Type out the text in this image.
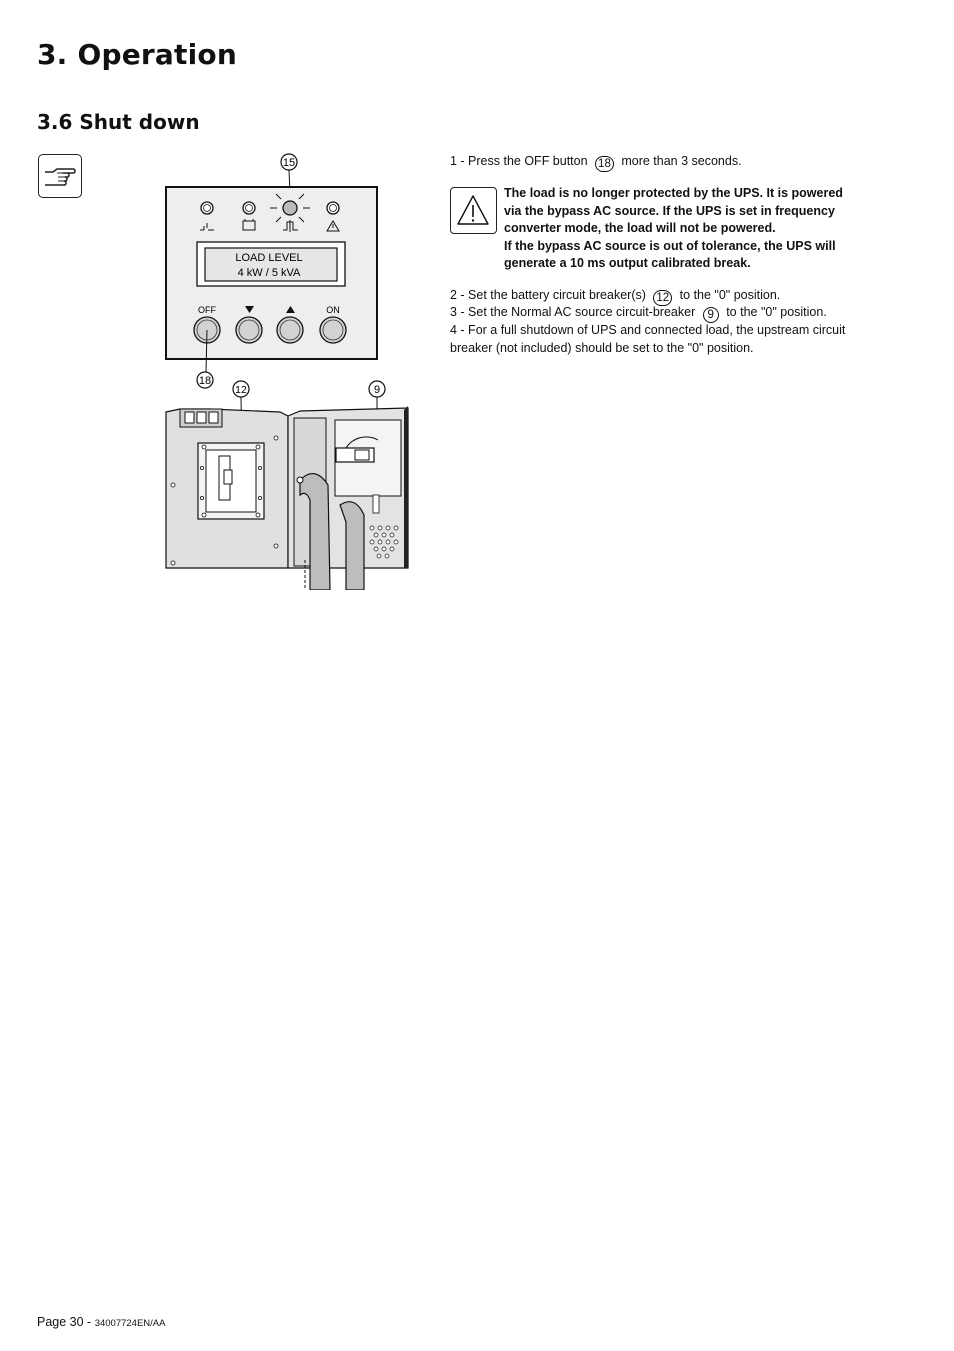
3. Operation
3.6 Shut down
15
LOAD LEVEL
4 kW / 5 kVA
OFF	ON
18
12	9
1 - Press the OFF button 18 more than 3 seconds.
The load is no longer protected by the UPS. It is powered
via the bypass AC source. If the UPS is set in frequency
converter mode, the load will not be powered.
If the bypass AC source is out of tolerance, the UPS will
generate a 10 ms output calibrated break.
2 - Set the battery circuit breaker(s) 12 to the "0" position.
3 - Set the Normal AC source circuit-breaker 9 to the "0" position.
4 - For a full shutdown of UPS and connected load, the upstream circuit
breaker (not included) should be set to the "0" position.
Page 30 - 34007724EN/AA
